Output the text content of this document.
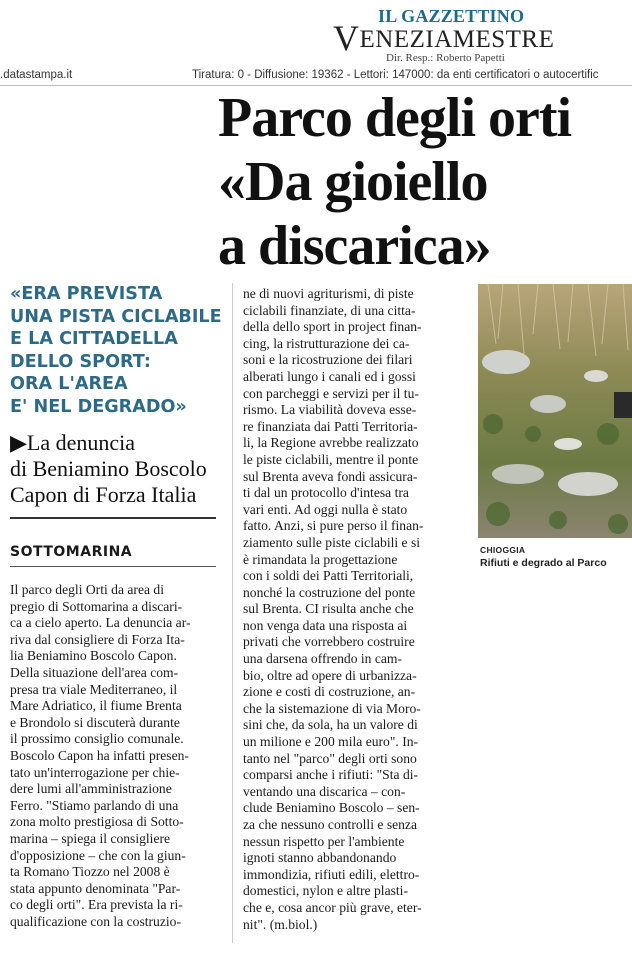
IL GAZZETTINO
VENEZIAMESTRE
Dir. Resp.: Roberto Papetti
.datastampa.it	Tiratura: 0 - Diffusione: 19362 - Lettori: 147000: da enti certificatori o autocertific
Parco degli orti
«Da gioiello
a discarica»
«ERA PREVISTA
UNA PISTA CICLABILE
E LA CITTADELLA
DELLO SPORT:
ORA L'AREA
E' NEL DEGRADO»
▶La denuncia
di Beniamino Boscolo
Capon di Forza Italia
SOTTOMARINA
Il parco degli Orti da area di
pregio di Sottomarina a discari-
ca a cielo aperto. La denuncia ar-
riva dal consigliere di Forza Ita-
lia Beniamino Boscolo Capon.
Della situazione dell'area com-
presa tra viale Mediterraneo, il
Mare Adriatico, il fiume Brenta
e Brondolo si discuterà durante
il prossimo consiglio comunale.
Boscolo Capon ha infatti presen-
tato un'interrogazione per chie-
dere lumi all'amministrazione
Ferro. "Stiamo parlando di una
zona molto prestigiosa di Sotto-
marina – spiega il consigliere
d'opposizione – che con la giun-
ta Romano Tiozzo nel 2008 è
stata appunto denominata "Par-
co degli orti". Era prevista la ri-
qualificazione con la costruzio-
ne di nuovi agriturismi, di piste
ciclabili finanziate, di una citta-
della dello sport in project finan-
cing, la ristrutturazione dei ca-
soni e la ricostruzione dei filari
alberati lungo i canali ed i gossi
con parcheggi e servizi per il tu-
rismo. La viabilità doveva esse-
re finanziata dai Patti Territoria-
li, la Regione avrebbe realizzato
le piste ciclabili, mentre il ponte
sul Brenta aveva fondi assicura-
ti dal un protocollo d'intesa tra
vari enti. Ad oggi nulla è stato
fatto. Anzi, si pure perso il finan-
ziamento sulle piste ciclabili e si
è rimandata la progettazione
con i soldi dei Patti Territoriali,
nonché la costruzione del ponte
sul Brenta. CI risulta anche che
non venga data una risposta ai
privati che vorrebbero costruire
una darsena offrendo in cam-
bio, oltre ad opere di urbanizza-
zione e costi di costruzione, an-
che la sistemazione di via Moro-
sini che, da sola, ha un valore di
un milione e 200 mila euro". In-
tanto nel "parco" degli orti sono
comparsi anche i rifiuti: "Sta di-
ventando una discarica – con-
clude Beniamino Boscolo – sen-
za che nessuno controlli e senza
nessun rispetto per l'ambiente
ignoti stanno abbandonando
immondizia, rifiuti edili, elettro-
domestici, nylon e altre plasti-
che e, cosa ancor più grave, eter-
nit". (m.biol.)
CHIOGGIA
Rifiuti e degrado al Parco
